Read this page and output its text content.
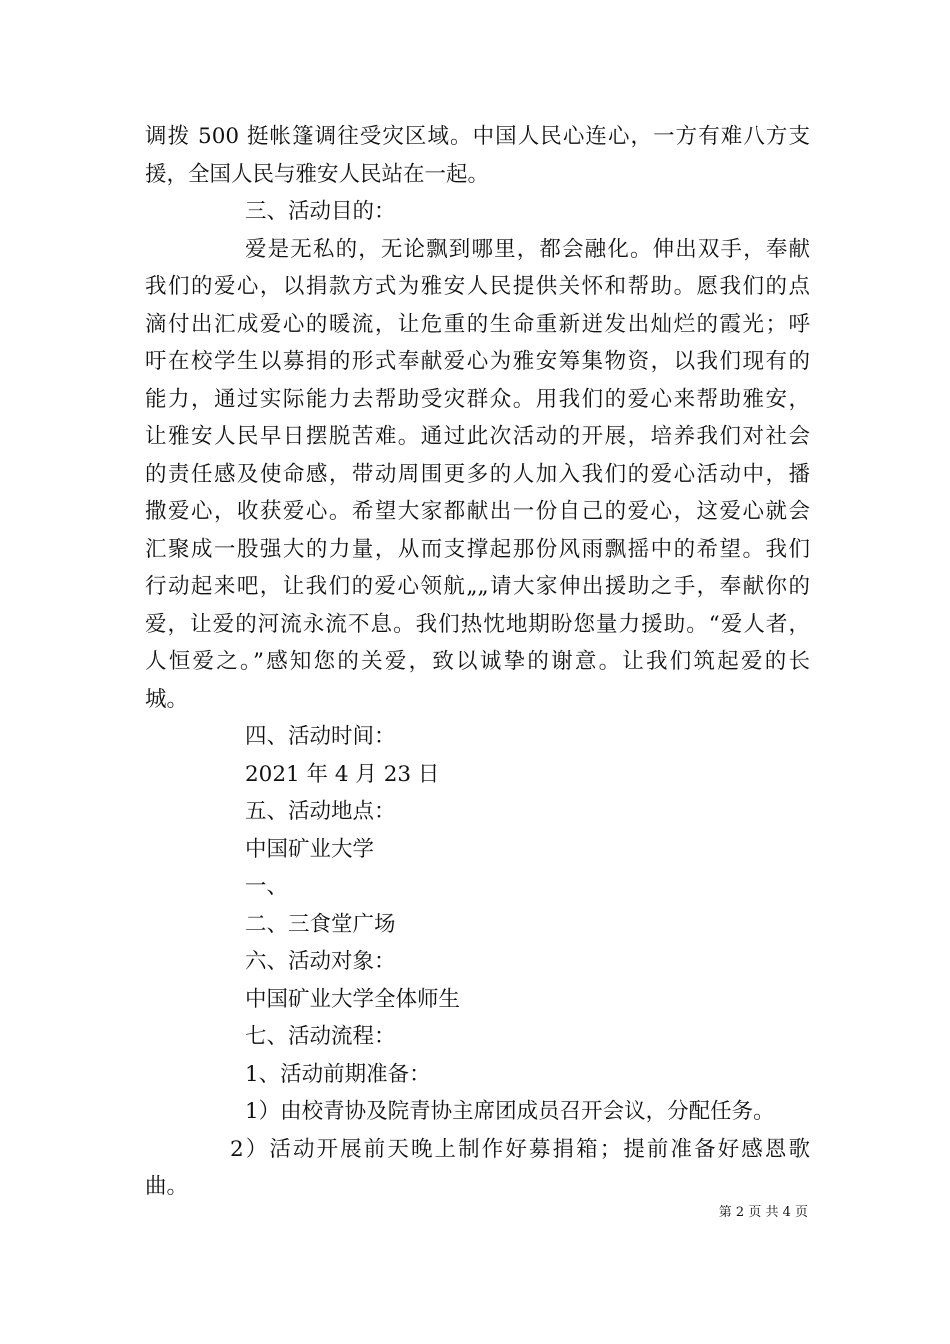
调拨 500 挺帐篷调往受灾区域。中国人民心连心，一方有难八方支
援，全国人民与雅安人民站在一起。
三、活动目的：
爱是无私的，无论飘到哪里，都会融化。伸出双手，奉献
我们的爱心，以捐款方式为雅安人民提供关怀和帮助。愿我们的点
滴付出汇成爱心的暖流，让危重的生命重新迸发出灿烂的霞光；呼
吁在校学生以募捐的形式奉献爱心为雅安筹集物资，以我们现有的
能力，通过实际能力去帮助受灾群众。用我们的爱心来帮助雅安，
让雅安人民早日摆脱苦难。通过此次活动的开展，培养我们对社会
的责任感及使命感，带动周围更多的人加入我们的爱心活动中，播
撒爱心，收获爱心。希望大家都献出一份自己的爱心，这爱心就会
汇聚成一股强大的力量，从而支撑起那份风雨飘摇中的希望。我们
行动起来吧，让我们的爱心领航„„请大家伸出援助之手，奉献你的
爱，让爱的河流永流不息。我们热忱地期盼您量力援助。“爱人者，
人恒爱之。”感知您的关爱，致以诚挚的谢意。让我们筑起爱的长
城。
四、活动时间：
2021 年 4 月 23 日
五、活动地点：
中国矿业大学
一、
二、三食堂广场
六、活动对象：
中国矿业大学全体师生
七、活动流程：
1、活动前期准备：
1）由校青协及院青协主席团成员召开会议，分配任务。
2）活动开展前天晚上制作好募捐箱；提前准备好感恩歌
曲。
第 2 页 共 4 页
